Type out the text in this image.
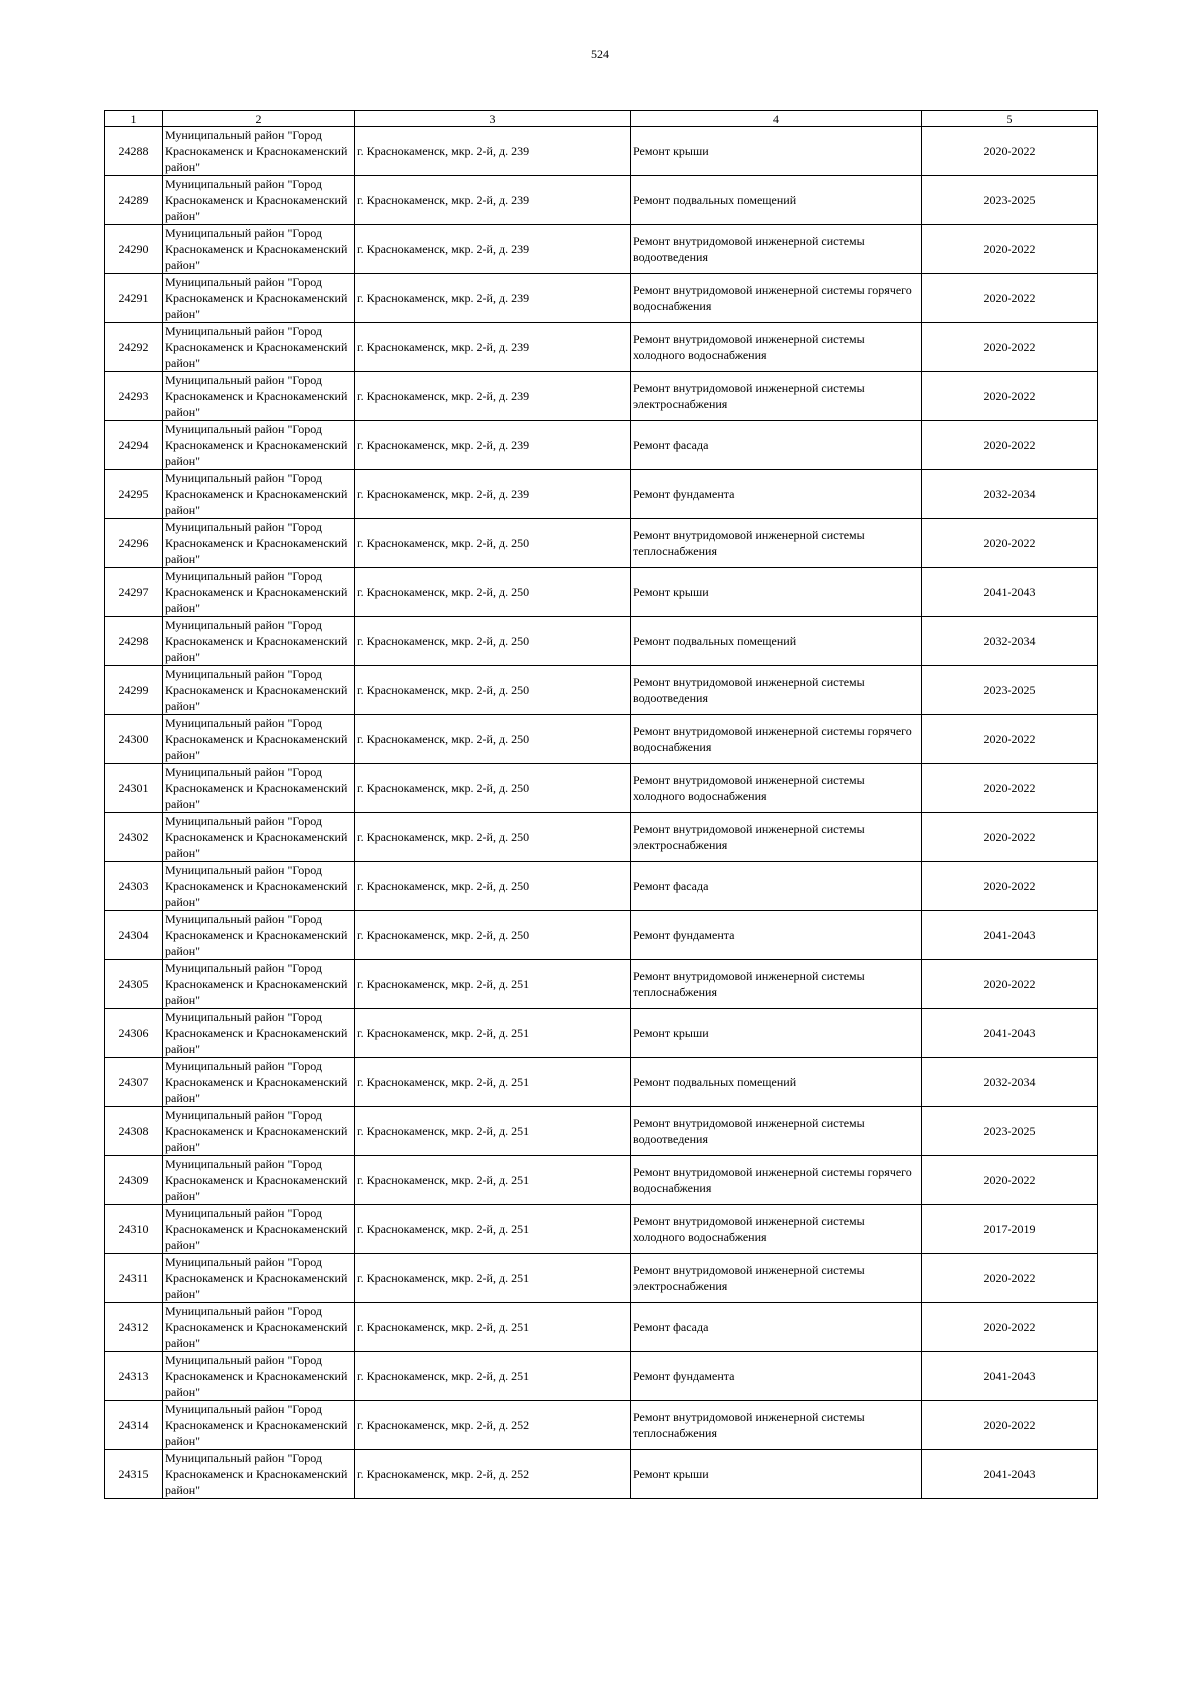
524
1	2	3	4	5
24288	Муниципальный район "Город Краснокаменск и Краснокаменский район"	г. Краснокаменск, мкр. 2-й, д. 239	Ремонт крыши	2020-2022
24289	Муниципальный район "Город Краснокаменск и Краснокаменский район"	г. Краснокаменск, мкр. 2-й, д. 239	Ремонт подвальных помещений	2023-2025
24290	Муниципальный район "Город Краснокаменск и Краснокаменский район"	г. Краснокаменск, мкр. 2-й, д. 239	Ремонт внутридомовой инженерной системы водоотведения	2020-2022
24291	Муниципальный район "Город Краснокаменск и Краснокаменский район"	г. Краснокаменск, мкр. 2-й, д. 239	Ремонт внутридомовой инженерной системы горячего водоснабжения	2020-2022
24292	Муниципальный район "Город Краснокаменск и Краснокаменский район"	г. Краснокаменск, мкр. 2-й, д. 239	Ремонт внутридомовой инженерной системы холодного водоснабжения	2020-2022
24293	Муниципальный район "Город Краснокаменск и Краснокаменский район"	г. Краснокаменск, мкр. 2-й, д. 239	Ремонт внутридомовой инженерной системы электроснабжения	2020-2022
24294	Муниципальный район "Город Краснокаменск и Краснокаменский район"	г. Краснокаменск, мкр. 2-й, д. 239	Ремонт фасада	2020-2022
24295	Муниципальный район "Город Краснокаменск и Краснокаменский район"	г. Краснокаменск, мкр. 2-й, д. 239	Ремонт фундамента	2032-2034
24296	Муниципальный район "Город Краснокаменск и Краснокаменский район"	г. Краснокаменск, мкр. 2-й, д. 250	Ремонт внутридомовой инженерной системы теплоснабжения	2020-2022
24297	Муниципальный район "Город Краснокаменск и Краснокаменский район"	г. Краснокаменск, мкр. 2-й, д. 250	Ремонт крыши	2041-2043
24298	Муниципальный район "Город Краснокаменск и Краснокаменский район"	г. Краснокаменск, мкр. 2-й, д. 250	Ремонт подвальных помещений	2032-2034
24299	Муниципальный район "Город Краснокаменск и Краснокаменский район"	г. Краснокаменск, мкр. 2-й, д. 250	Ремонт внутридомовой инженерной системы водоотведения	2023-2025
24300	Муниципальный район "Город Краснокаменск и Краснокаменский район"	г. Краснокаменск, мкр. 2-й, д. 250	Ремонт внутридомовой инженерной системы горячего водоснабжения	2020-2022
24301	Муниципальный район "Город Краснокаменск и Краснокаменский район"	г. Краснокаменск, мкр. 2-й, д. 250	Ремонт внутридомовой инженерной системы холодного водоснабжения	2020-2022
24302	Муниципальный район "Город Краснокаменск и Краснокаменский район"	г. Краснокаменск, мкр. 2-й, д. 250	Ремонт внутридомовой инженерной системы электроснабжения	2020-2022
24303	Муниципальный район "Город Краснокаменск и Краснокаменский район"	г. Краснокаменск, мкр. 2-й, д. 250	Ремонт фасада	2020-2022
24304	Муниципальный район "Город Краснокаменск и Краснокаменский район"	г. Краснокаменск, мкр. 2-й, д. 250	Ремонт фундамента	2041-2043
24305	Муниципальный район "Город Краснокаменск и Краснокаменский район"	г. Краснокаменск, мкр. 2-й, д. 251	Ремонт внутридомовой инженерной системы теплоснабжения	2020-2022
24306	Муниципальный район "Город Краснокаменск и Краснокаменский район"	г. Краснокаменск, мкр. 2-й, д. 251	Ремонт крыши	2041-2043
24307	Муниципальный район "Город Краснокаменск и Краснокаменский район"	г. Краснокаменск, мкр. 2-й, д. 251	Ремонт подвальных помещений	2032-2034
24308	Муниципальный район "Город Краснокаменск и Краснокаменский район"	г. Краснокаменск, мкр. 2-й, д. 251	Ремонт внутридомовой инженерной системы водоотведения	2023-2025
24309	Муниципальный район "Город Краснокаменск и Краснокаменский район"	г. Краснокаменск, мкр. 2-й, д. 251	Ремонт внутридомовой инженерной системы горячего водоснабжения	2020-2022
24310	Муниципальный район "Город Краснокаменск и Краснокаменский район"	г. Краснокаменск, мкр. 2-й, д. 251	Ремонт внутридомовой инженерной системы холодного водоснабжения	2017-2019
24311	Муниципальный район "Город Краснокаменск и Краснокаменский район"	г. Краснокаменск, мкр. 2-й, д. 251	Ремонт внутридомовой инженерной системы электроснабжения	2020-2022
24312	Муниципальный район "Город Краснокаменск и Краснокаменский район"	г. Краснокаменск, мкр. 2-й, д. 251	Ремонт фасада	2020-2022
24313	Муниципальный район "Город Краснокаменск и Краснокаменский район"	г. Краснокаменск, мкр. 2-й, д. 251	Ремонт фундамента	2041-2043
24314	Муниципальный район "Город Краснокаменск и Краснокаменский район"	г. Краснокаменск, мкр. 2-й, д. 252	Ремонт внутридомовой инженерной системы теплоснабжения	2020-2022
24315	Муниципальный район "Город Краснокаменск и Краснокаменский район"	г. Краснокаменск, мкр. 2-й, д. 252	Ремонт крыши	2041-2043
